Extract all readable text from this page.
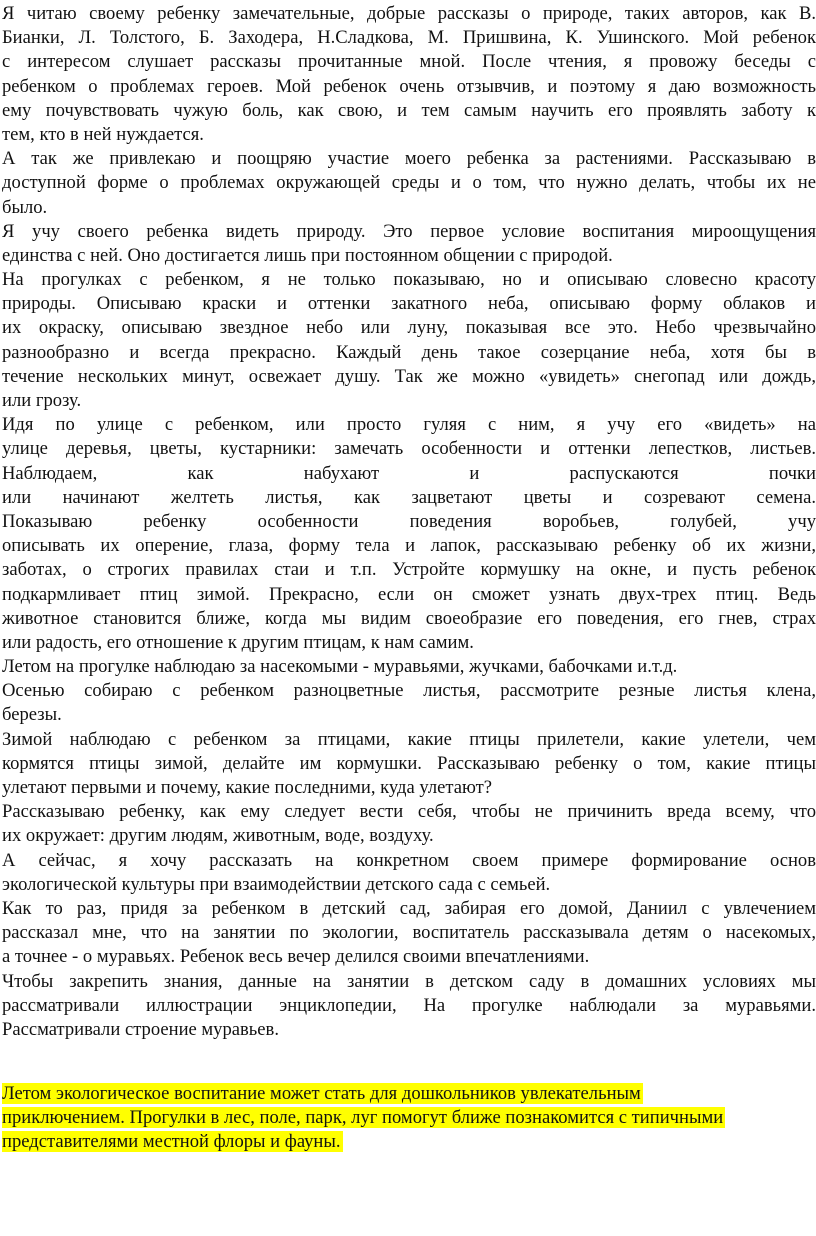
Я читаю своему ребенку замечательные, добрые рассказы о природе, таких авторов, как В.
Бианки, Л. Толстого, Б. Заходера, Н.Сладкова, М. Пришвина, К. Ушинского. Мой ребенок
с интересом слушает рассказы прочитанные мной. После чтения, я провожу беседы с
ребенком о проблемах героев. Мой ребенок очень отзывчив, и поэтому я даю возможность
ему почувствовать чужую боль, как свою, и тем самым научить его проявлять заботу к
тем, кто в ней нуждается.
А так же привлекаю и поощряю участие моего ребенка за растениями. Рассказываю в
доступной форме о проблемах окружающей среды и о том, что нужно делать, чтобы их не
было.
Я учу своего ребенка видеть природу. Это первое условие воспитания мироощущения
единства с ней. Оно достигается лишь при постоянном общении с природой.
На прогулках с ребенком, я не только показываю, но и описываю словесно красоту
природы. Описываю краски и оттенки закатного неба, описываю форму облаков и
их окраску, описываю звездное небо или луну, показывая все это. Небо чрезвычайно
разнообразно и всегда прекрасно. Каждый день такое созерцание неба, хотя бы в
течение нескольких минут, освежает душу. Так же можно «увидеть» снегопад или дождь,
или грозу.
Идя по улице с ребенком, или просто гуляя с ним, я учу его «видеть» на
улице деревья, цветы, кустарники: замечать особенности и оттенки лепестков, листьев.
Наблюдаем, как набухают и распускаются почки
или начинают желтеть листья, как зацветают цветы и созревают семена.
Показываю ребенку особенности поведения воробьев, голубей, учу
описывать их оперение, глаза, форму тела и лапок, рассказываю ребенку об их жизни,
заботах, о строгих правилах стаи и т.п. Устройте кормушку на окне, и пусть ребенок
подкармливает птиц зимой. Прекрасно, если он сможет узнать двух-трех птиц. Ведь
животное становится ближе, когда мы видим своеобразие его поведения, его гнев, страх
или радость, его отношение к другим птицам, к нам самим.
Летом на прогулке наблюдаю за насекомыми - муравьями, жучками, бабочками и.т.д.
Осенью собираю с ребенком разноцветные листья, рассмотрите резные листья клена,
березы.
Зимой наблюдаю с ребенком за птицами, какие птицы прилетели, какие улетели, чем
кормятся птицы зимой, делайте им кормушки. Рассказываю ребенку о том, какие птицы
улетают первыми и почему, какие последними, куда улетают?
Рассказываю ребенку, как ему следует вести себя, чтобы не причинить вреда всему, что
их окружает: другим людям, животным, воде, воздуху.
А сейчас, я хочу рассказать на конкретном своем примере формирование основ
экологической культуры при взаимодействии детского сада с семьей.
Как то раз, придя за ребенком в детский сад, забирая его домой, Даниил с увлечением
рассказал мне, что на занятии по экологии, воспитатель рассказывала детям о насекомых,
а точнее - о муравьях. Ребенок весь вечер делился своими впечатлениями.
Чтобы закрепить знания, данные на занятии в детском саду в домашних условиях мы
рассматривали иллюстрации энциклопедии, На прогулке наблюдали за муравьями.
Рассматривали строение муравьев.
Летом экологическое воспитание может стать для дошкольников увлекательным
приключением. Прогулки в лес, поле, парк, луг помогут ближе познакомится с типичными
представителями местной флоры и фауны.
